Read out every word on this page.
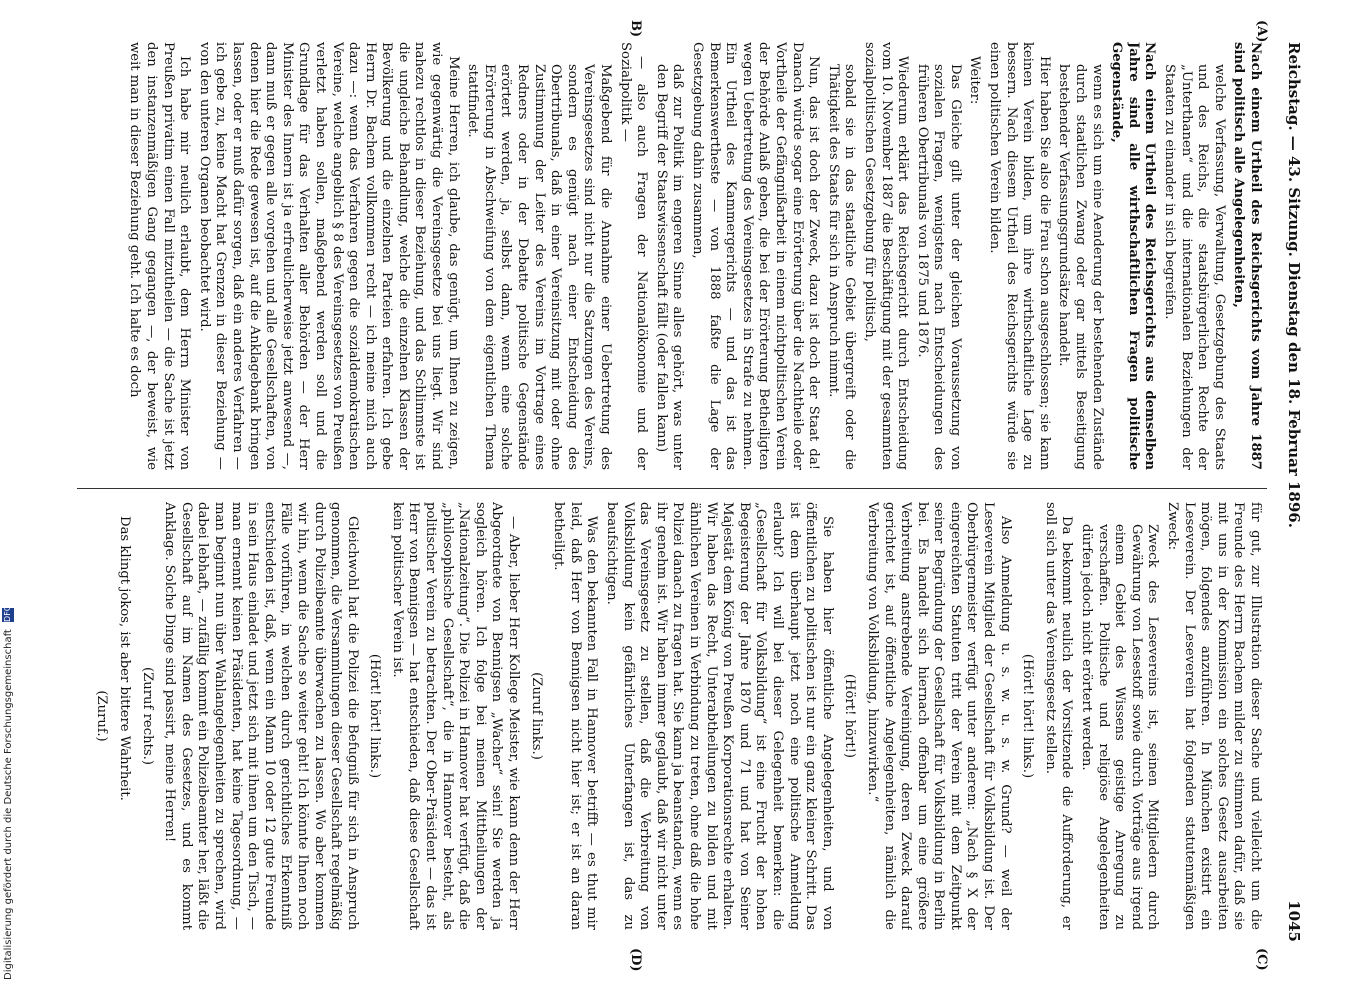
Reichstag. — 43. Sitzung. Dienstag den 18. Februar 1896.
1045
(A)
B)
(C)
(D)

Nach einem Urtheil des Reichsgerichts vom Jahre 1887 sind politisch alle Angelegenheiten,

welche Verfassung, Verwaltung, Gesetzgebung des Staats und des Reichs, die staatsbürgerlichen Rechte der „Unterthanen“ und die internationalen Beziehungen der Staaten zu einander in sich begreifen.

Nach einem Urtheil des Reichsgerichts aus demselben Jahre sind alle wirthschaftlichen Fragen politische Gegenstände,

wenn es sich um eine Aenderung der bestehenden Zustände durch staatlichen Zwang oder gar mittels Beseitigung bestehender Verfassungsgrundsätze handelt.

Hier haben Sie also die Frau schon ausgeschlossen; sie kann keinen Verein bilden, um ihre wirthschaftliche Lage zu bessern. Nach diesem Urtheil des Reichsgerichts würde sie einen politischen Verein bilden.

Weiter:

Das Gleiche gilt unter der gleichen Voraussetzung von sozialen Fragen, wenigstens nach Entscheidungen des früheren Obertribunals von 1875 und 1876.

Wiederum erklärt das Reichsgericht durch Entscheidung vom 10. November 1887 die Beschäftigung mit der gesammten sozialpolitischen Gesetzgebung für politisch,

sobald sie in das staatliche Gebiet übergreift oder die Thätigkeit des Staats für sich in Anspruch nimmt.

Nun, das ist doch der Zweck, dazu ist doch der Staat da! Danach würde sogar eine Erörterung über die Nachtheile oder Vortheile der Gefängnißarbeit in einem nichtpolitischen Verein der Behörde Anlaß geben, die bei der Erörterung Betheiligten wegen Uebertretung des Vereinsgesetzes in Strafe zu nehmen. Ein Urtheil des Kammergerichts — und das ist das Bemerkenswertheste — von 1888 faßte die Lage der Gesetzgebung dahin zusammen,

daß zur Politik im engeren Sinne alles gehört, was unter den Begriff der Staatswissenschaft fällt (oder fallen kann)

— also auch Fragen der Nationalökonomie und der Sozialpolitik —

Maßgebend für die Annahme einer Uebertretung des Vereinsgesetzes sind nicht nur die Satzungen des Vereins, sondern es genügt nach einer Entscheidung des Obertribunals, daß in einer Vereinsitzung mit oder ohne Zustimmung der Leiter des Vereins im Vortrage eines Redners oder in der Debatte politische Gegenstände erörtert werden, ja, selbst dann, wenn eine solche Erörterung in Abschweifung von dem eigentlichen Thema stattfindet.

Meine Herren, ich glaube, das genügt, um Ihnen zu zeigen, wie gegenwärtig die Vereinsgesetze bei uns liegt. Wir sind nahezu rechtlos in dieser Beziehung, und das Schlimmste ist die ungleiche Behandlung, welche die einzelnen Klassen der Bevölkerung und die einzelnen Parteien erfahren. Ich gebe Herrn Dr. Bachem vollkommen recht — ich meine mich auch dazu —: wenn das Verfahren gegen die sozialdemokratischen Vereine, welche angeblich § 8 des Vereinsgesetzes von Preußen verletzt haben sollen, maßgebend werden soll und die Grundlage für das Verhalten aller Behörden — der Herr Minister des Innern ist ja erfreulicherweise jetzt anwesend —, dann muß er gegen alle vorgehen und alle Gesellschaften, von denen hier die Rede gewesen ist, auf die Anklagebank bringen lassen, oder er muß dafür sorgen, daß ein anderes Verfahren — ich gebe zu, keine Macht hat Grenzen in dieser Beziehung — von den unteren Organen beobachtet wird.

Ich habe mir neulich erlaubt, dem Herrn Minister von Preußen privatim einen Fall mitzutheilen — die Sache ist jetzt den instanzenmäßigen Gang gegangen —, der beweist, wie weit man in dieser Beziehung geht. Ich halte es doch

für gut, zur Illustration dieser Sache und vielleicht um die Freunde des Herrn Bachem milder zu stimmen dafür, daß sie mit uns in der Kommission ein solches Gesetz ausarbeiten mögen, folgendes anzuführen. In München existirt ein Leseverein. Der Leseverein hat folgenden statutenmäßigen Zweck:

Zweck des Lesevereins ist, seinen Mitgliedern durch Gewährung von Lesestoff sowie durch Vorträge aus irgend einem Gebiet des Wissens geistige Anregung zu verschaffen. Politische und religiöse Angelegenheiten dürfen jedoch nicht erörtert werden.

Da bekommt neulich der Vorsitzende die Aufforderung, er soll sich unter das Vereinsgesetz stellen.

(Hört! hört! links.)

Also Anmeldung u. s. w. u. s. w. Grund? — weil der Leseverein Mitglied der Gesellschaft für Volksbildung ist. Der Oberbürgermeister verfügt unter anderem: „Nach § X der eingereichten Statuten tritt der Verein mit dem Zeitpunkt seiner Begründung der Gesellschaft für Volksbildung in Berlin bei. Es handelt sich hiernach offenbar um eine größere Verbreitung anstrebende Vereinigung, deren Zweck darauf gerichtet ist, auf öffentliche Angelegenheiten, nämlich die Verbreitung von Volksbildung, hinzuwirken.“

(Hört! hört!)

Sie haben hier öffentliche Angelegenheiten, und von öffentlichen zu politischen ist nur ein ganz kleiner Schritt. Das ist dem überhaupt jetzt noch eine politische Anmeldung erlaubt? Ich will bei dieser Gelegenheit bemerken: die „Gesellschaft für Volksbildung“ ist eine Frucht der hohen Begeisterung der Jahre 1870 und 71 und hat von Seiner Majestät dem König von Preußen Korporationsrechte erhalten. Wir haben das Recht, Unterabtheilungen zu bilden und mit ähnlichen Vereinen in Verbindung zu treten, ohne daß die hohe Polizei danach zu fragen hat. Sie kann ja beanstanden, wenn es ihr genehm ist. Wir haben immer geglaubt, daß wir nicht unter das Vereinsgesetz zu stellen, daß die Verbreitung von Volksbildung kein gefährliches Unterfangen ist, das zu beaufsichtigen.

Was den bekannten Fall in Hannover betrifft — es thut mir leid, daß Herr von Bennigsen nicht hier ist; er ist an daran betheiligt.

(Zuruf links.)

— Aber, lieber Herr Kollege Meister, wie kann denn der Herr Abgeordnete von Bennigsen „Wacher“ sein! Sie werden ja sogleich hören. Ich folge bei meinen Mittheilungen der „Nationalzeitung“. Die Polizei in Hannover hat verfügt, daß die „philosophische Gesellschaft“, die in Hannover besteht, als politischer Verein zu betrachten. Der Ober-Präsident — das ist Herr von Bennigsen — hat entschieden, daß diese Gesellschaft kein politischer Verein ist.

(Hört! hört! links.)

Gleichwohl hat die Polizei die Befugniß für sich in Anspruch genommen, die Versammlungen dieser Gesellschaft regelmäßig durch Polizeibeamte überwachen zu lassen. Wo aber kommen wir hin, wenn die Sache so weiter geht! Ich könnte Ihnen noch Fälle vorführen, in welchen durch gerichtliches Erkenntniß entschieden ist, daß, wenn ein Mann 10 oder 12 gute Freunde in sein Haus einladet und jetzt sich mit ihnen um den Tisch, — man ernennt keinen Präsidenten, hat keine Tagesordnung, — man beginnt nun über Wahlangelegenheiten zu sprechen, wird dabei lebhaft, — zufällig kommt ein Polizeibeamter her, läßt die Gesellschaft auf im Namen des Gesetzes, und es kommt Anklage. Solche Dinge sind passirt, meine Herren!

(Zuruf rechts.)

Das klingt jokos, ist aber bittere Wahrheit.

(Zuruf.)

Digitalisierung gefördert durch die Deutsche Forschungsgemeinschaft DFG
